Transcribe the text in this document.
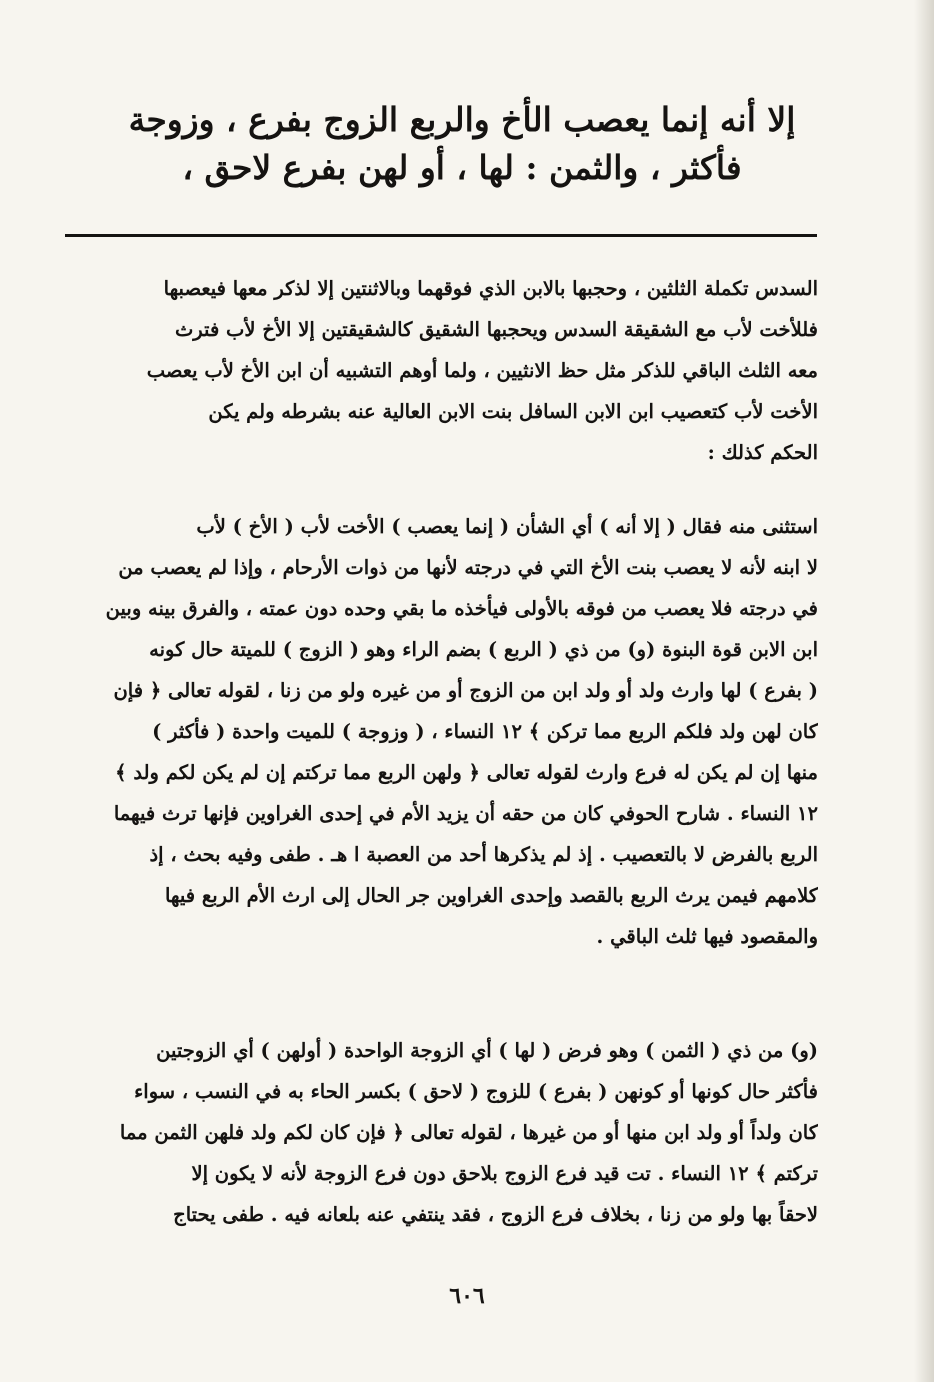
إلا أنه إنما يعصب الأخ والربع الزوج بفرع ، وزوجة
فأكثر ، والثمن : لها ، أو لهن بفرع لاحق ،
السدس تكملة الثلثين ، وحجبها بالابن الذي فوقهما وبالاثنتين إلا لذكر معها فيعصبها
فللأخت لأب مع الشقيقة السدس ويحجبها الشقيق كالشقيقتين إلا الأخ لأب فترث
معه الثلث الباقي للذكر مثل حظ الانثيين ، ولما أوهم التشبيه أن ابن الأخ لأب يعصب
الأخت لأب كتعصيب ابن الابن السافل بنت الابن العالية عنه بشرطه ولم يكن
الحكم كذلك :
استثنى منه فقال ( إلا أنه ) أي الشأن ( إنما يعصب ) الأخت لأب ( الأخ ) لأب
لا ابنه لأنه لا يعصب بنت الأخ التي في درجته لأنها من ذوات الأرحام ، وإذا لم يعصب من
في درجته فلا يعصب من فوقه بالأولى فيأخذه ما بقي وحده دون عمته ، والفرق بينه وبين
ابن الابن قوة البنوة (و) من ذي ( الربع ) بضم الراء وهو ( الزوج ) للميتة حال كونه
( بفرع ) لها وارث ولد أو ولد ابن من الزوج أو من غيره ولو من زنا ، لقوله تعالى ﴿ فإن
كان لهن ولد فلكم الربع مما تركن ﴾ ١٢ النساء ، ( وزوجة ) للميت واحدة ( فأكثر )
منها إن لم يكن له فرع وارث لقوله تعالى ﴿ ولهن الربع مما تركتم إن لم يكن لكم ولد ﴾
١٢ النساء . شارح الحوفي كان من حقه أن يزيد الأم في إحدى الغراوين فإنها ترث فيهما
الربع بالفرض لا بالتعصيب . إذ لم يذكرها أحد من العصبة ا هـ . طفى وفيه بحث ، إذ
كلامهم فيمن يرث الربع بالقصد وإحدى الغراوين جر الحال إلى ارث الأم الربع فيها
والمقصود فيها ثلث الباقي .
(و) من ذي ( الثمن ) وهو فرض ( لها ) أي الزوجة الواحدة ( أولهن ) أي الزوجتين
فأكثر حال كونها أو كونهن ( بفرع ) للزوج ( لاحق ) بكسر الحاء به في النسب ، سواء
كان ولداً أو ولد ابن منها أو من غيرها ، لقوله تعالى ﴿ فإن كان لكم ولد فلهن الثمن مما
تركتم ﴾ ١٢ النساء . تت قيد فرع الزوج بلاحق دون فرع الزوجة لأنه لا يكون إلا
لاحقاً بها ولو من زنا ، بخلاف فرع الزوج ، فقد ينتفي عنه بلعانه فيه . طفى يحتاج
٦٠٦
